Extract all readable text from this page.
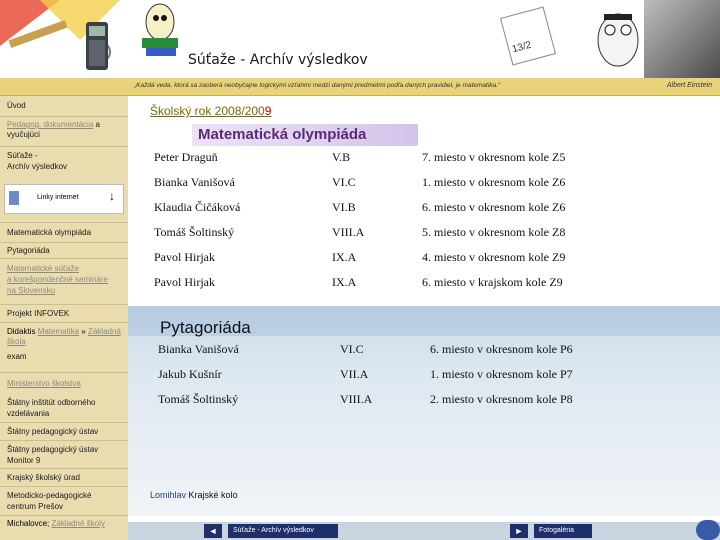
Súťaže - Archív výsledkov
13/2
„Každá veda, ktorá sa zaoberá neobyčajne logickými vzťahmi medzi danými predmetmi podľa daných pravidiel, je matematika.“	Albert Einstein
Úvod
Pedagog. dokumentácia a vyučujúci
Súťaže -
Archív výsledkov
Linky internet	↓
Matematická olympiáda
Pytagoriáda
Matematické súťaže
a korešpondenčné semináre
na Slovensku
Projekt INFOVEK
Didaktis Matematika » Základná škola
exam
Ministerstvo školstva
Štátny inštitút odborného
vzdelávania
Štátny pedagogický ústav
Štátny pedagogický ústav
Monitor 9
Krajský školský úrad
Metodicko-pedagogické
centrum Prešov
Michalovce; Základné školy
Školský rok 2008/2009
Matematická olympiáda
Peter Draguň	V.B	7. miesto v okresnom kole Z5
Bianka Vanišová	VI.C	1. miesto v okresnom kole Z6
Klaudia Čičáková	VI.B	6. miesto v okresnom kole Z6
Tomáš Šoltinský	VIII.A	5. miesto v okresnom kole Z8
Pavol Hirjak	IX.A	4. miesto v okresnom kole Z9
Pavol Hirjak	IX.A	6. miesto v krajskom kole Z9
Pytagoriáda
Bianka Vanišová	VI.C	6. miesto v okresnom kole P6
Jakub Kušnír	VII.A	1. miesto v okresnom kole P7
Tomáš Šoltinský	VIII.A	2. miesto v okresnom kole P8
Lomihlav Krajské kolo
◄	Súťaže - Archív výsledkov	►	Fotogaléria
